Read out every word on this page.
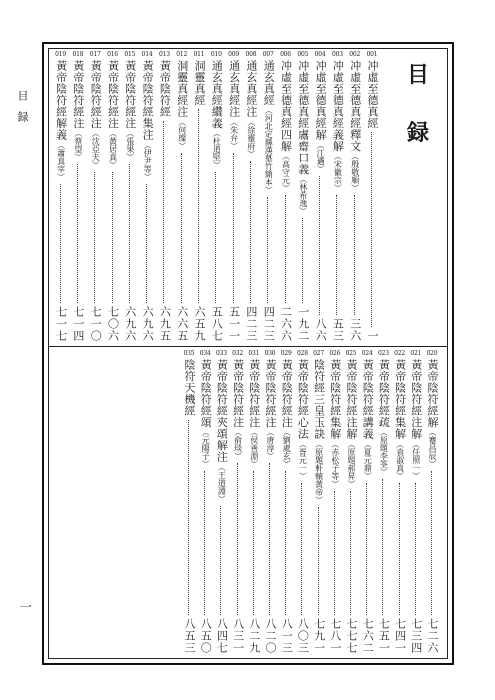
目録
一
目
録
001
冲虛至德真經
一
002
冲虛至德真經釋文
（殷敬順）
三六
003
冲虛至德真經義解
（宋徽宗）
五三
004
冲虛至德真經解
（江遹）
八六
005
冲虛至德真經鬳齋口義
（林希逸）
一九二
006
冲虛至德真經四解
（高守元）
二六六
007
通玄真經
（河北定縣漢墓竹簡本）
四二三
008
通玄真經注
（徐靈府）
四二三
009
通玄真經注
（朱弁）
五一一
010
通玄真經纘義
（杜道堅）
五八七
011
洞靈真經
六五九
012
洞靈真經注
（何璨）
六六五
013
黃帝陰符經
六九五
014
黃帝陰符經集注
（伊尹等）
六九六
015
黃帝陰符經注
（張果）
六九六
016
黃帝陰符經注
（黃居真）
七〇六
017
黃帝陰符經注
（沈亞夫）
七一〇
018
黃帝陰符經注
（蔡望）
七一四
019
黃帝陰符經解義
（蕭真宰）
七一七
020
黃帝陰符經解
（蹇昌辰）
七二六
021
黃帝陰符經注解
（任照一）
七三四
022
黃帝陰符經集解
（袁淑真）
七四一
023
黃帝陰符經疏
（原題李筌）
七五一
024
黃帝陰符經講義
（夏元鼎）
七六二
025
黃帝陰符經注解
（原題郝昇）
七七七
026
黃帝陰符經集解
（赤松子等）
七八一
027
陰符經三皇玉訣
（原題軒轅黃帝）
七九一
028
黃帝陰符經心法
（胥元一）
八〇三
029
黃帝陰符經注
（劉處玄）
八一三
030
黃帝陰符經注
（唐淳）
八二〇
031
黃帝陰符經注
（侯善淵）
八二九
032
黃帝陰符經注
（俞琰）
八三一
033
黃帝陰符經夾頌解注
（王道淵）
八四七
034
黃帝陰符經頌
（元陽子）
八五〇
035
陰符天機經
八五三
